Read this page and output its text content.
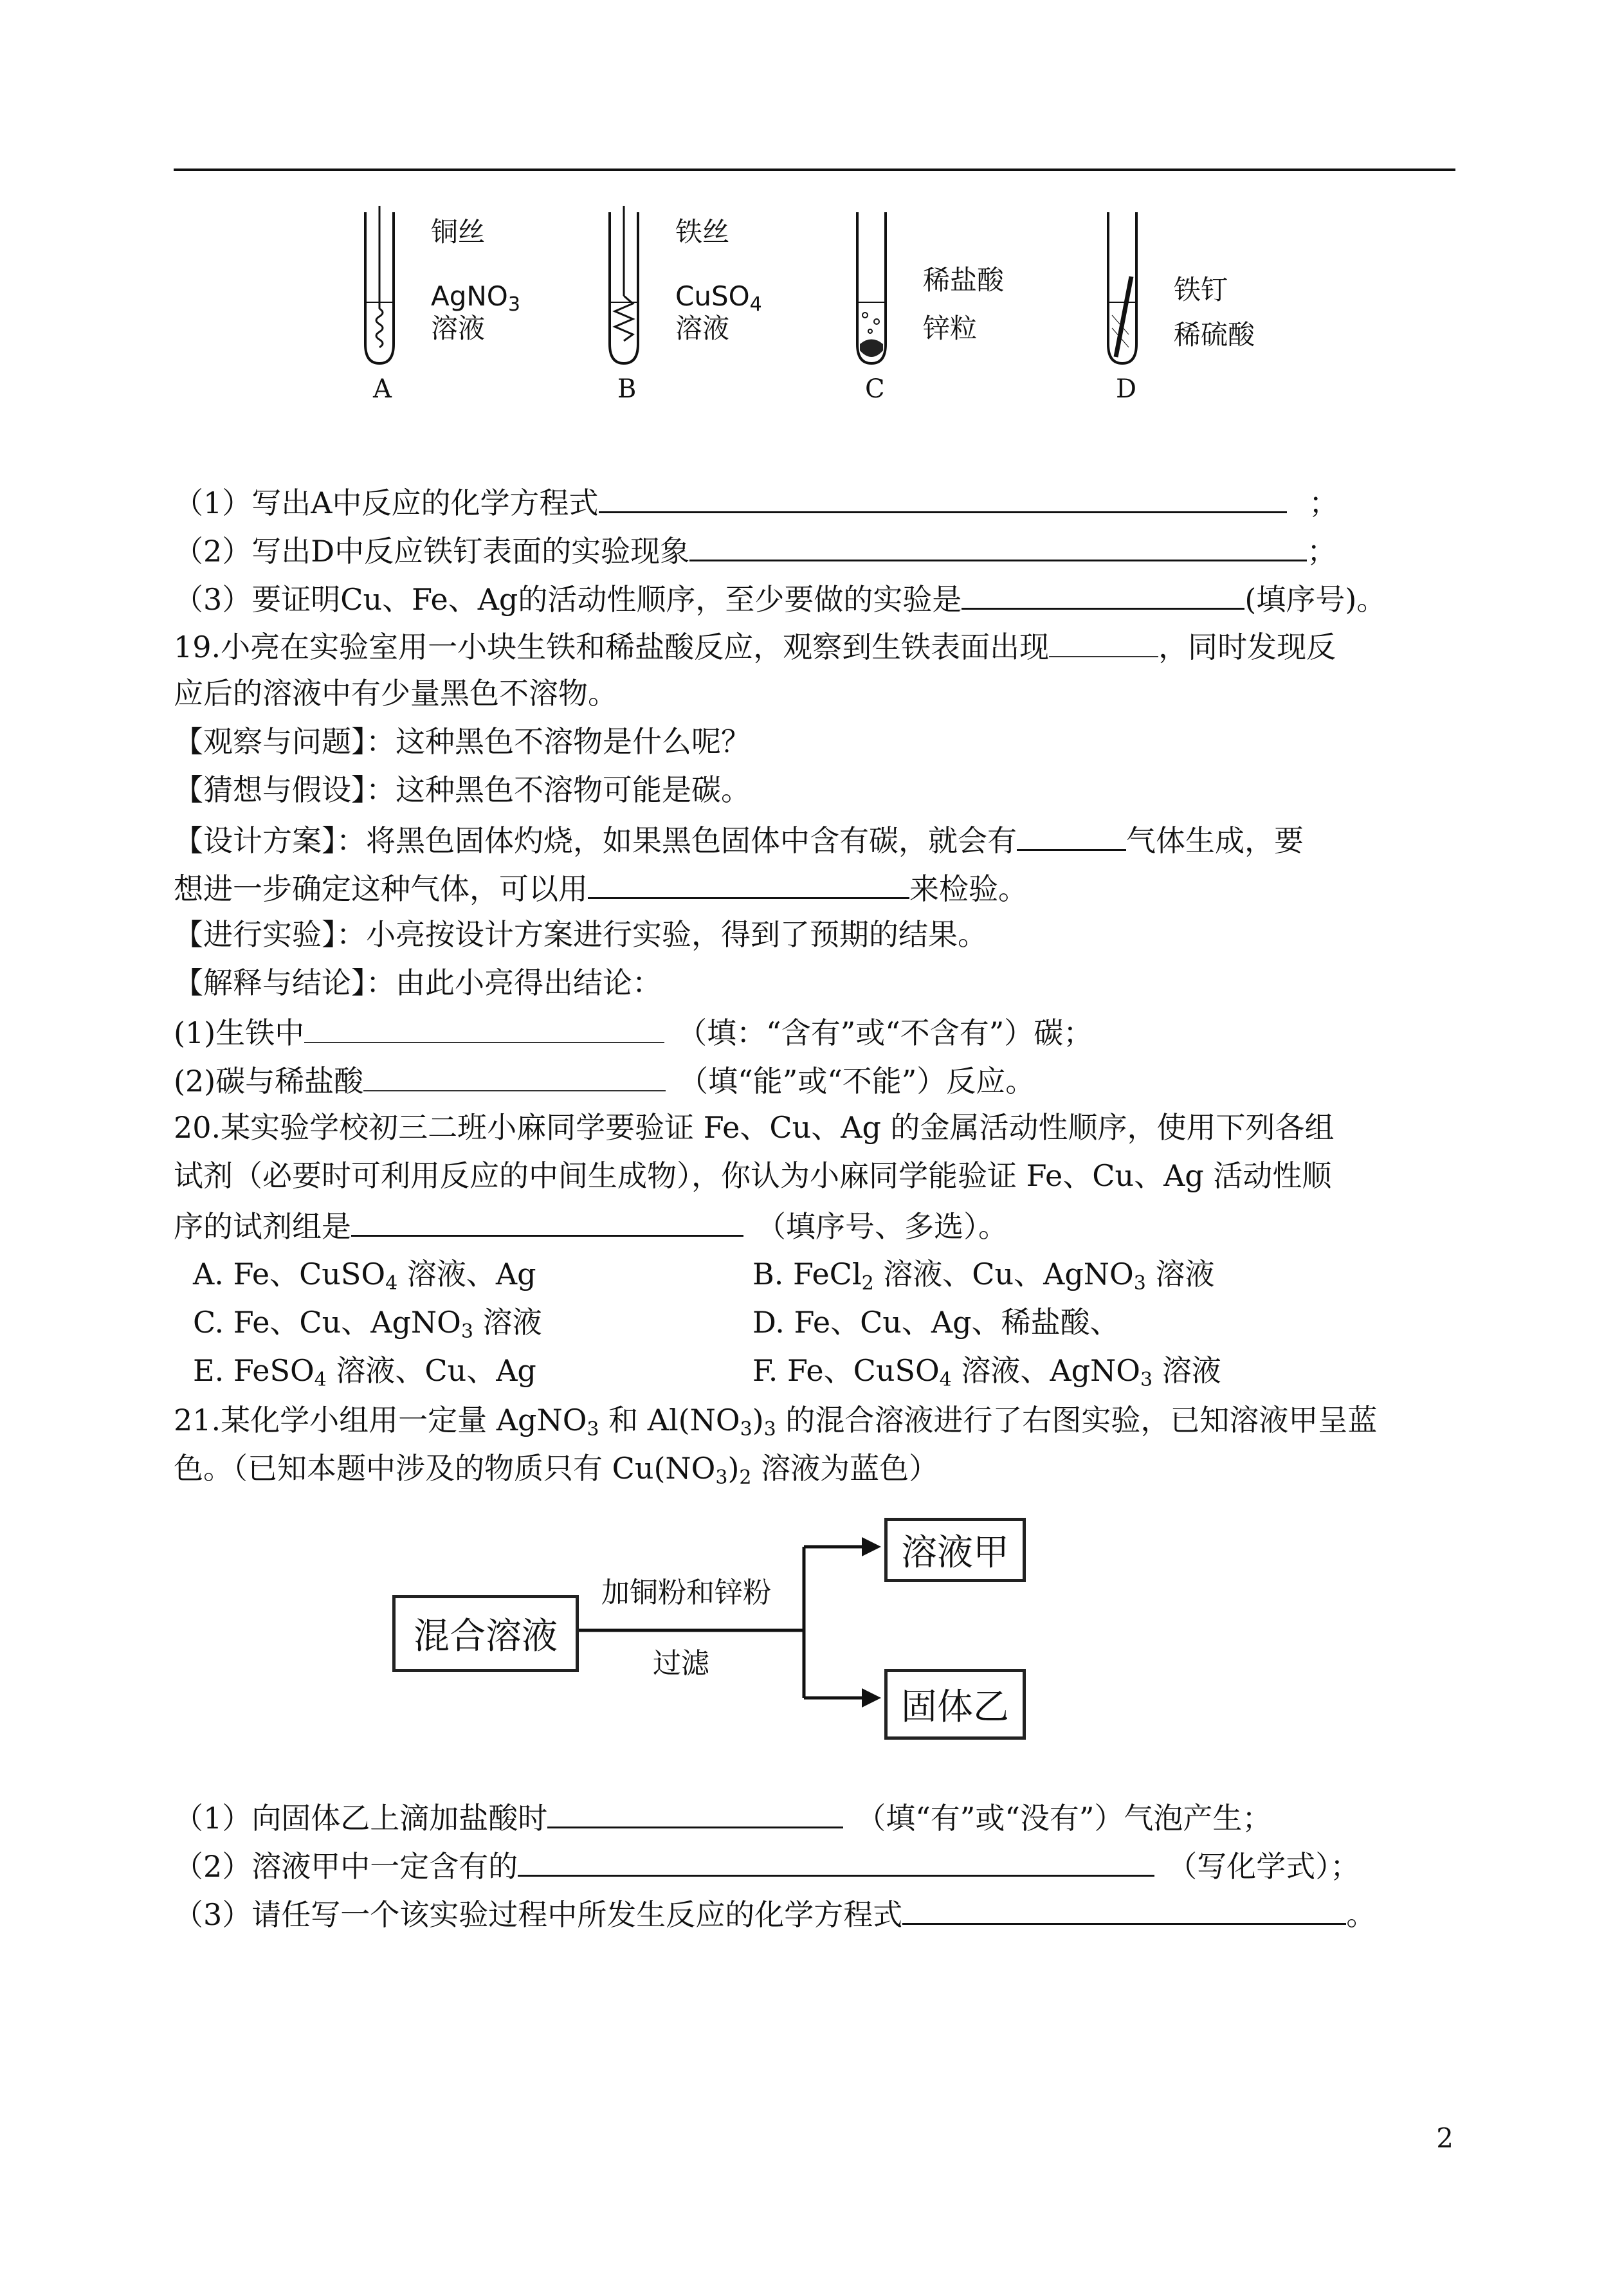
铜丝
AgNO$_3$
溶液
A
铁丝
CuSO$_4$
溶液
B
稀盐酸
锌粒
C
铁钉
稀硫酸
D
（1）写出A中反应的化学方程式	；
（2）写出D中反应铁钉表面的实验现象	；
（3）要证明Cu、Fe、Ag的活动性顺序，至少要做的实验是	(填序号)。
19.小亮在实验室用一小块生铁和稀盐酸反应，观察到生铁表面出现	，同时发现反
应后的溶液中有少量黑色不溶物。
【观察与问题】：这种黑色不溶物是什么呢？
【猜想与假设】：这种黑色不溶物可能是碳。
【设计方案】：将黑色固体灼烧，如果黑色固体中含有碳，就会有	气体生成，要
想进一步确定这种气体，可以用	来检验。
【进行实验】：小亮按设计方案进行实验，得到了预期的结果。
【解释与结论】：由此小亮得出结论：
(1)生铁中	（填：“含有”或“不含有”）碳；
(2)碳与稀盐酸	（填“能”或“不能”）反应。
20.某实验学校初三二班小麻同学要验证 Fe、Cu、Ag 的金属活动性顺序，使用下列各组
试剂（必要时可利用反应的中间生成物），你认为小麻同学能验证 Fe、Cu、Ag 活动性顺
序的试剂组是	（填序号、多选）。
A. Fe、CuSO$_4$ 溶液、Ag	B. FeCl$_2$ 溶液、Cu、AgNO$_3$ 溶液
C. Fe、Cu、AgNO$_3$ 溶液	D. Fe、Cu、Ag、稀盐酸、
E. FeSO$_4$ 溶液、Cu、Ag	F. Fe、CuSO$_4$ 溶液、AgNO$_3$ 溶液
21.某化学小组用一定量 AgNO$_3$ 和 $Al(NO_3)_3$ 的混合溶液进行了右图实验，已知溶液甲呈蓝
色。（已知本题中涉及的物质只有 $Cu(NO_3)_2$ 溶液为蓝色）
混合溶液
溶液甲
固体乙
加铜粉和锌粉
过滤
（1）向固体乙上滴加盐酸时	（填“有”或“没有”）气泡产生；
（2）溶液甲中一定含有的	（写化学式）；
（3）请任写一个该实验过程中所发生反应的化学方程式	。
2
